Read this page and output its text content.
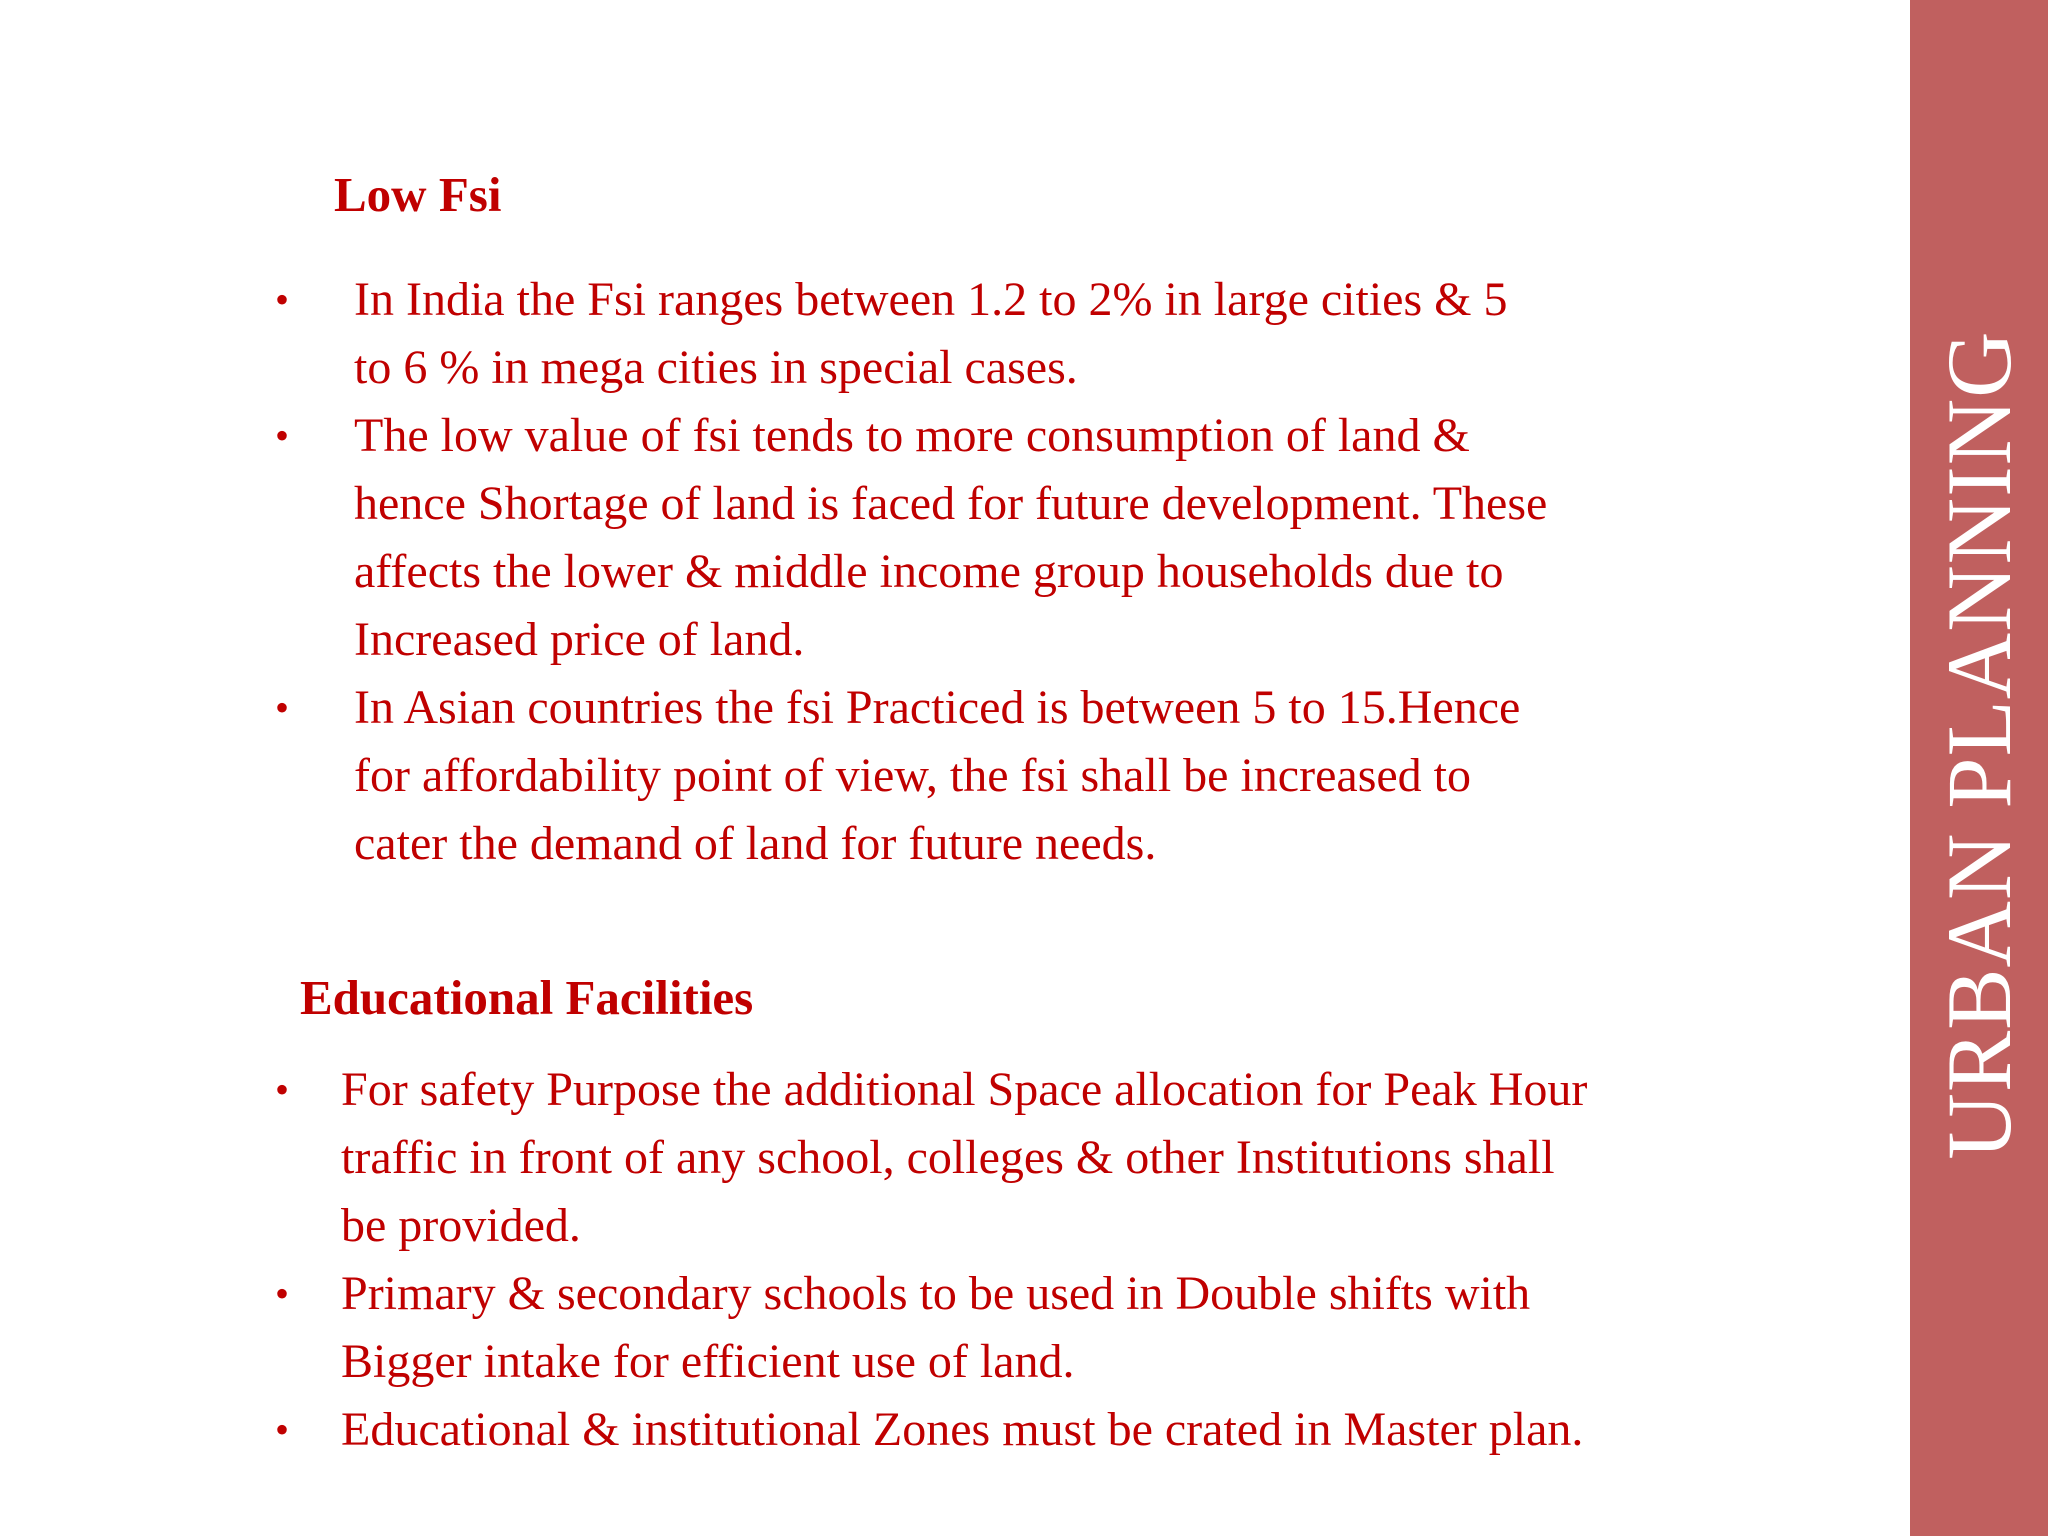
Low Fsi
• In India the Fsi ranges between 1.2 to 2% in large cities & 5
to 6 % in mega cities in special cases.
• The low value of fsi tends to more consumption of land &
hence Shortage of land is faced for future development. These
affects the lower & middle income group households due to
Increased price of land.
• In Asian countries the fsi Practiced is between 5 to 15.Hence
for affordability point of view, the fsi shall be increased to
cater the demand of land for future needs.
Educational Facilities
• For safety Purpose the additional Space allocation for Peak Hour
traffic in front of any school, colleges & other Institutions shall
be provided.
• Primary & secondary schools to be used in Double shifts with
Bigger intake for efficient use of land.
• Educational & institutional Zones must be crated in Master plan.
URBAN PLANNING
